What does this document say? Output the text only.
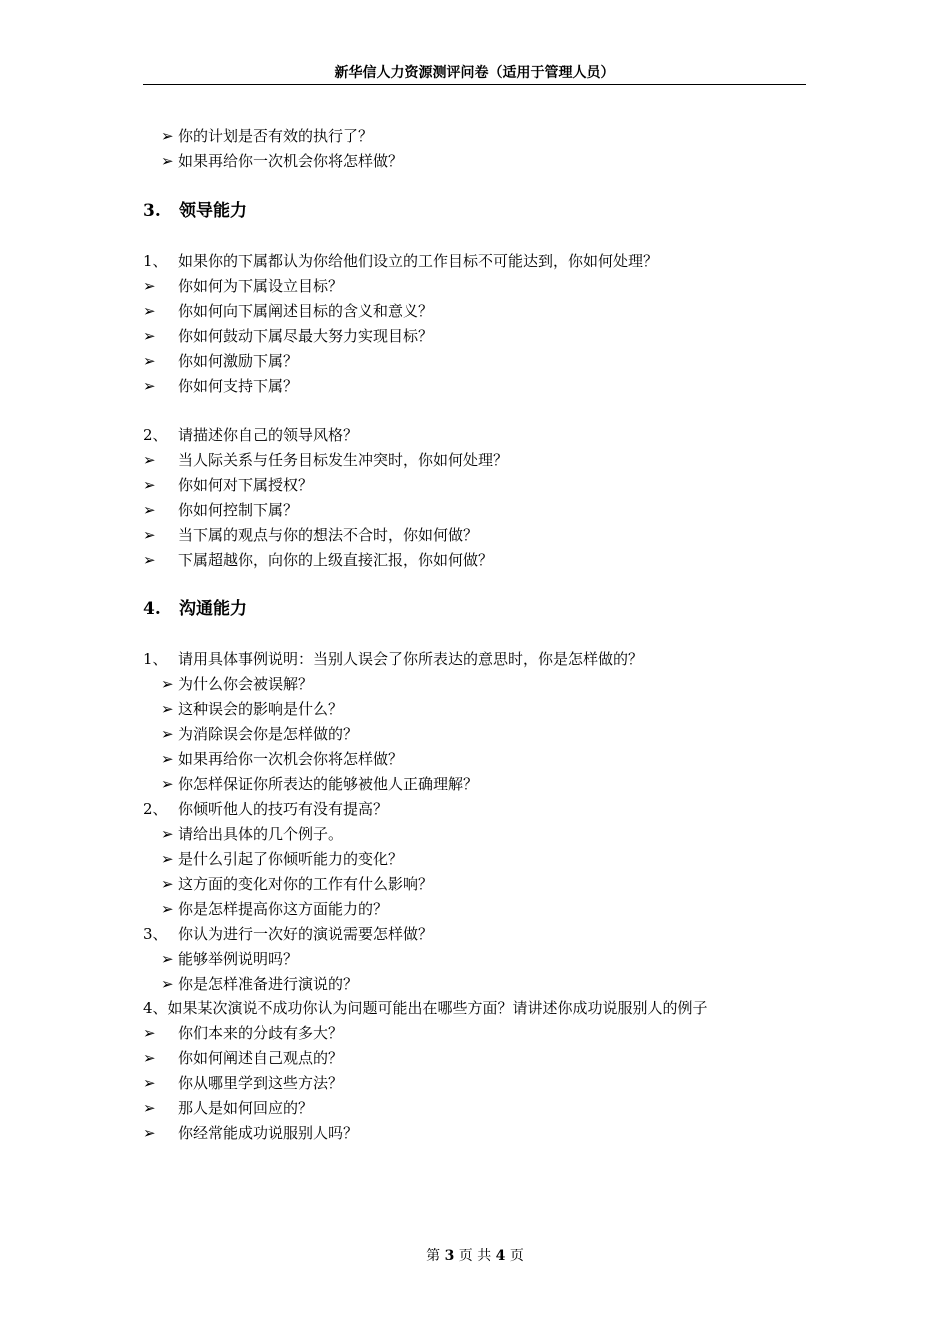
新华信人力资源测评问卷（适用于管理人员）
➢ 你的计划是否有效的执行了？
➢ 如果再给你一次机会你将怎样做？
3. 领导能力
1、 如果你的下属都认为你给他们设立的工作目标不可能达到，你如何处理？
➢ 你如何为下属设立目标？
➢ 你如何向下属阐述目标的含义和意义？
➢ 你如何鼓动下属尽最大努力实现目标？
➢ 你如何激励下属？
➢ 你如何支持下属？
2、 请描述你自己的领导风格？
➢ 当人际关系与任务目标发生冲突时，你如何处理？
➢ 你如何对下属授权？
➢ 你如何控制下属？
➢ 当下属的观点与你的想法不合时，你如何做？
➢ 下属超越你，向你的上级直接汇报，你如何做？
4. 沟通能力
1、 请用具体事例说明：当别人误会了你所表达的意思时，你是怎样做的？
➢ 为什么你会被误解？
➢ 这种误会的影响是什么？
➢ 为消除误会你是怎样做的？
➢ 如果再给你一次机会你将怎样做？
➢ 你怎样保证你所表达的能够被他人正确理解？
2、 你倾听他人的技巧有没有提高？
➢ 请给出具体的几个例子。
➢ 是什么引起了你倾听能力的变化？
➢ 这方面的变化对你的工作有什么影响？
➢ 你是怎样提高你这方面能力的？
3、 你认为进行一次好的演说需要怎样做？
➢ 能够举例说明吗？
➢ 你是怎样准备进行演说的？
4、如果某次演说不成功你认为问题可能出在哪些方面？请讲述你成功说服别人的例子
➢ 你们本来的分歧有多大？
➢ 你如何阐述自己观点的？
➢ 你从哪里学到这些方法？
➢ 那人是如何回应的？
➢ 你经常能成功说服别人吗？
第 3 页 共 4 页
